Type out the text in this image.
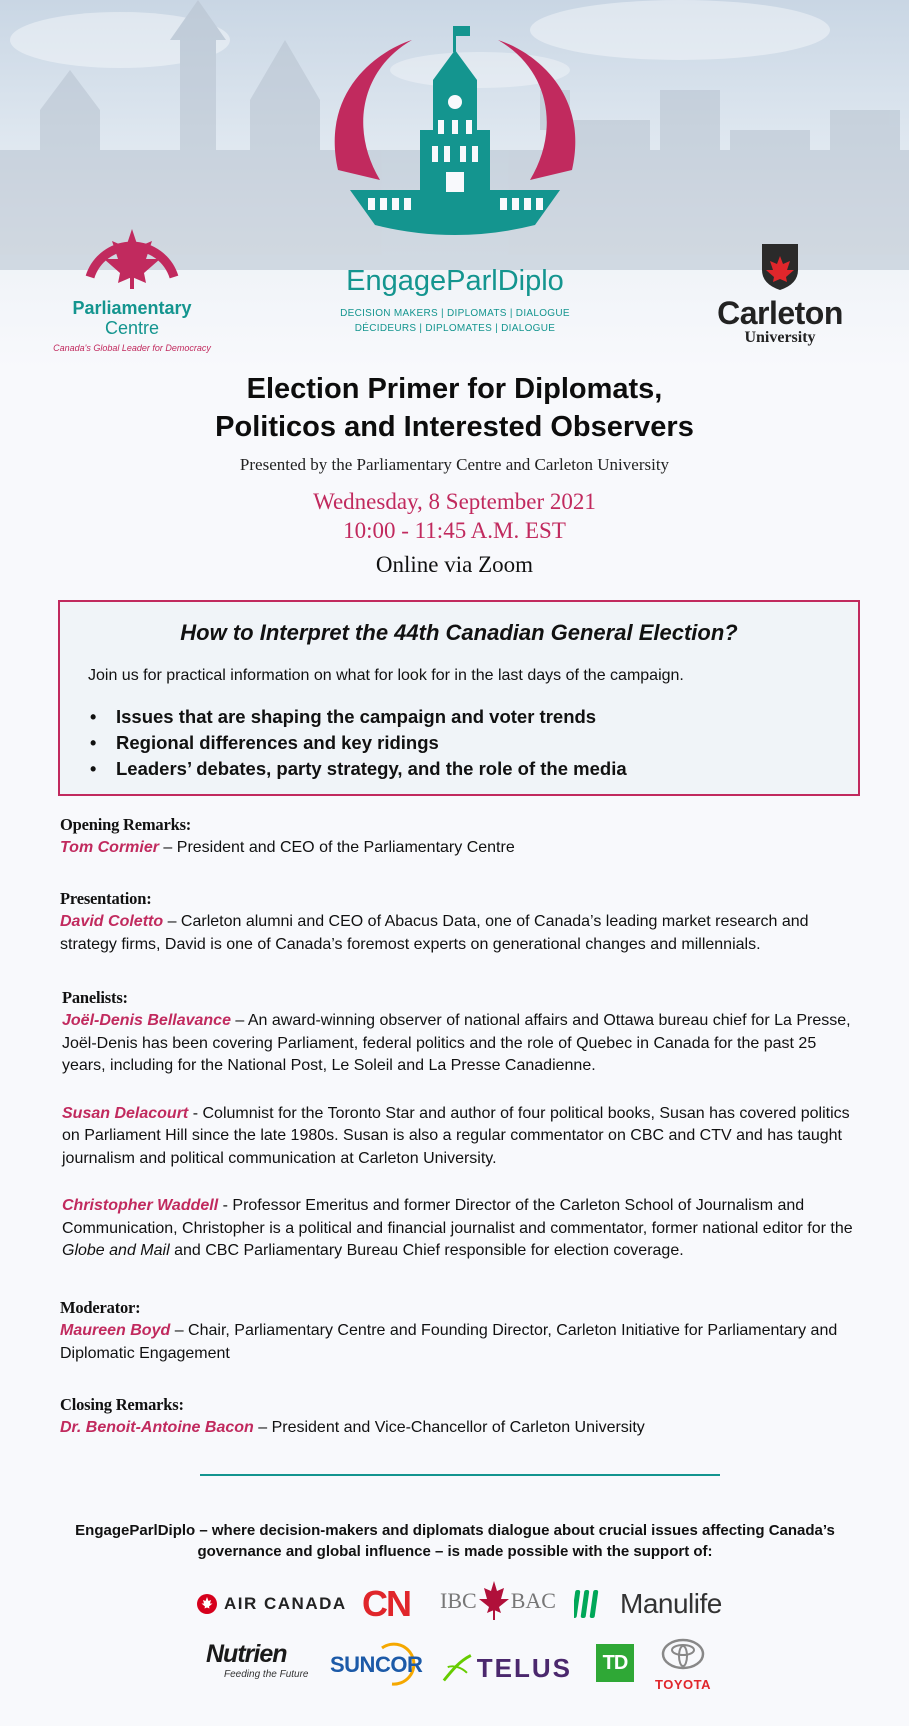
Parliamentary
Centre
Canada's Global Leader for Democracy
EngageParlDiplo
DECISION MAKERS | DIPLOMATS | DIALOGUE
DÉCIDEURS | DIPLOMATES | DIALOGUE	Carleton
University
Election Primer for Diplomats,
Politicos and Interested Observers
Presented by the Parliamentary Centre and Carleton University
Wednesday, 8 September 2021
10:00 - 11:45 A.M. EST
Online via Zoom
How to Interpret the 44th Canadian General Election?
Join us for practical information on what for look for in the last days of the campaign.
• Issues that are shaping the campaign and voter trends
• Regional differences and key ridings
• Leaders’ debates, party strategy, and the role of the media
Opening Remarks:
Tom Cormier – President and CEO of the Parliamentary Centre
Presentation:
David Coletto – Carleton alumni and CEO of Abacus Data, one of Canada’s leading market research and strategy firms, David is one of Canada’s foremost experts on generational changes and millennials.
Panelists:
Joël-Denis Bellavance – An award-winning observer of national affairs and Ottawa bureau chief for La Presse, Joël-Denis has been covering Parliament, federal politics and the role of Quebec in Canada for the past 25 years, including for the National Post, Le Soleil and La Presse Canadienne.
Susan Delacourt - Columnist for the Toronto Star and author of four political books, Susan has covered politics on Parliament Hill since the late 1980s. Susan is also a regular commentator on CBC and CTV and has taught journalism and political communication at Carleton University.
Christopher Waddell - Professor Emeritus and former Director of the Carleton School of Journalism and Communication, Christopher is a political and financial journalist and commentator, former national editor for the Globe and Mail and CBC Parliamentary Bureau Chief responsible for election coverage.
Moderator:
Maureen Boyd – Chair, Parliamentary Centre and Founding Director, Carleton Initiative for Parliamentary and Diplomatic Engagement
Closing Remarks:
Dr. Benoit-Antoine Bacon – President and Vice-Chancellor of Carleton University
EngageParlDiplo – where decision-makers and diplomats dialogue about crucial issues affecting Canada’s governance and global influence – is made possible with the support of:
AIR CANADA CN IBC BAC Manulife
Nutrien
Feeding the Future SUNCOR TELUS TD
TOYOTA
